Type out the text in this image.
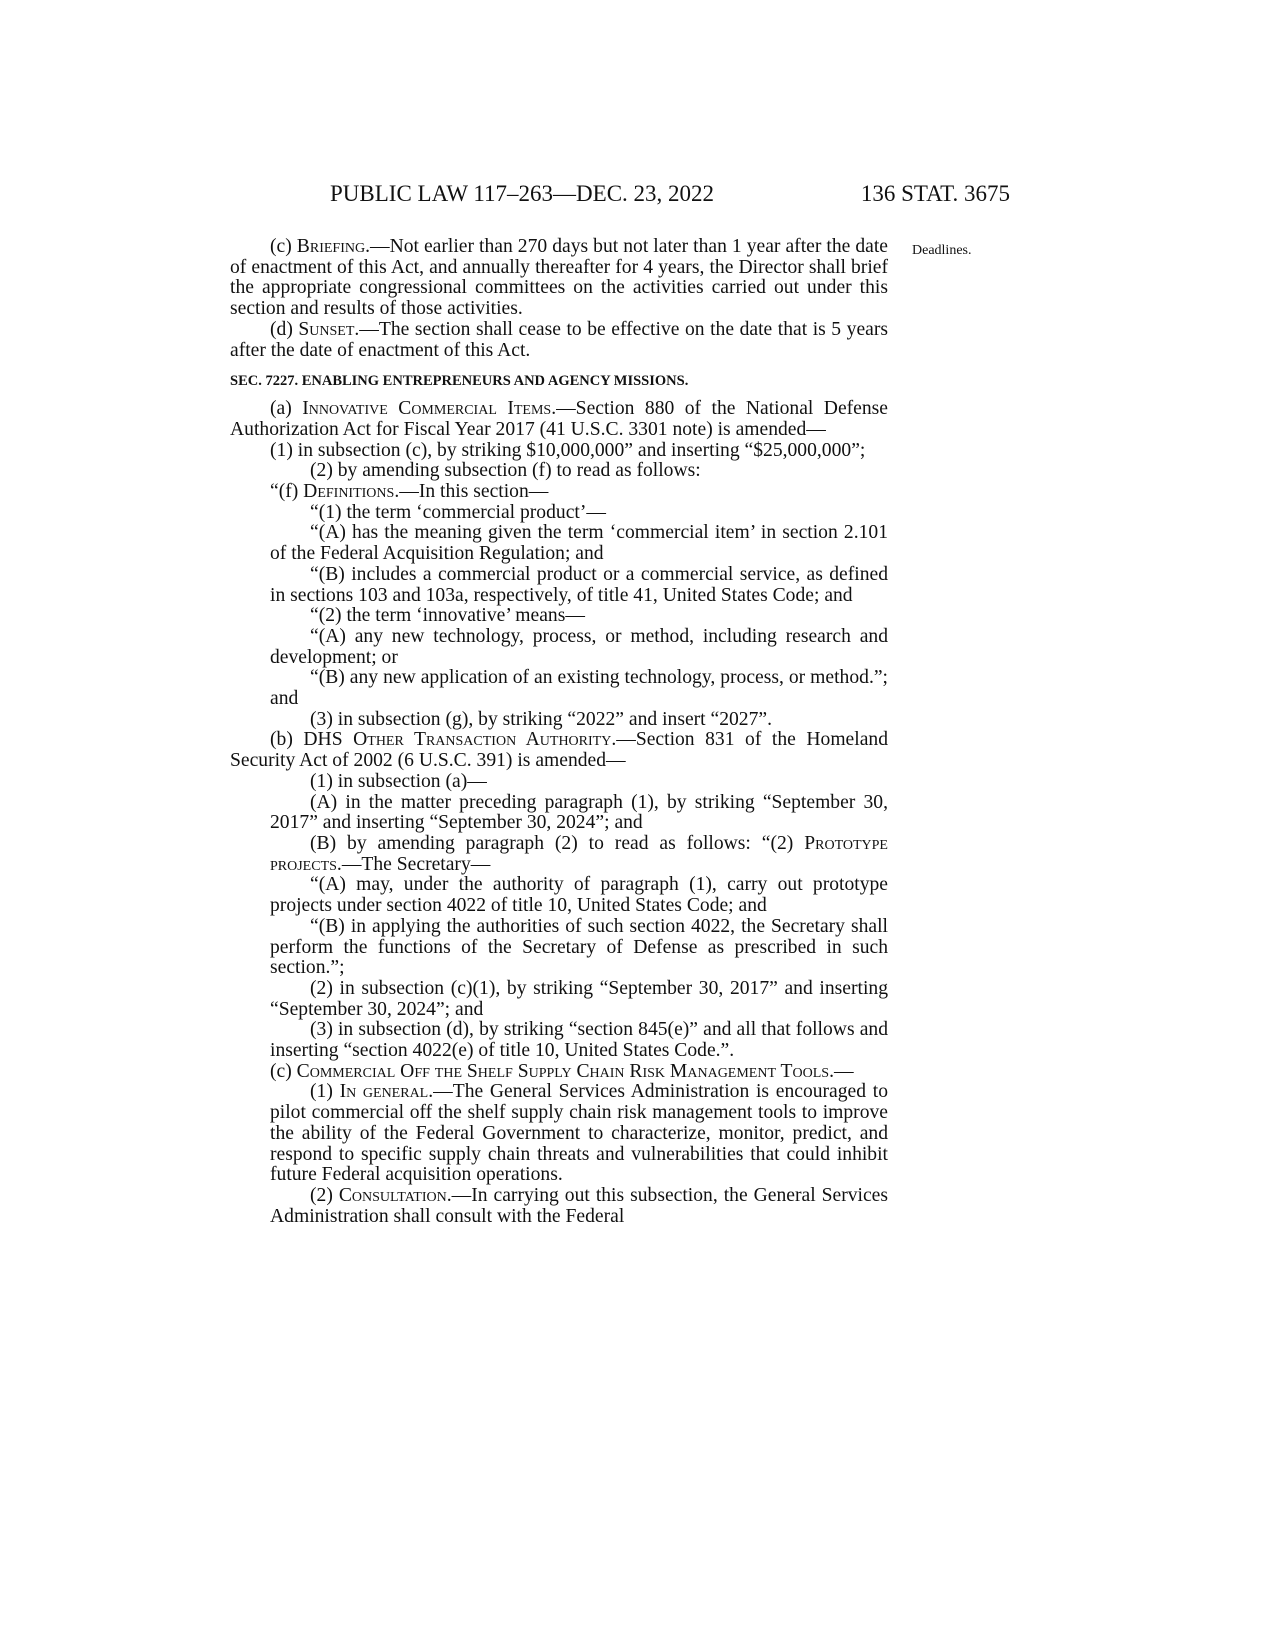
PUBLIC LAW 117–263—DEC. 23, 2022	136 STAT. 3675
Deadlines.

(c) Briefing.—Not earlier than 270 days but not later than 1 year after the date of enactment of this Act, and annually thereafter for 4 years, the Director shall brief the appropriate congressional committees on the activities carried out under this section and results of those activities.

(d) Sunset.—The section shall cease to be effective on the date that is 5 years after the date of enactment of this Act.

SEC. 7227. ENABLING ENTREPRENEURS AND AGENCY MISSIONS.

(a) Innovative Commercial Items.—Section 880 of the National Defense Authorization Act for Fiscal Year 2017 (41 U.S.C. 3301 note) is amended—

(1) in subsection (c), by striking $10,000,000” and inserting “$25,000,000”;

(2) by amending subsection (f) to read as follows:

“(f) Definitions.—In this section—

“(1) the term ‘commercial product’—

“(A) has the meaning given the term ‘commercial item’ in section 2.101 of the Federal Acquisition Regulation; and

“(B) includes a commercial product or a commercial service, as defined in sections 103 and 103a, respectively, of title 41, United States Code; and

“(2) the term ‘innovative’ means—

“(A) any new technology, process, or method, including research and development; or

“(B) any new application of an existing technology, process, or method.”; and

(3) in subsection (g), by striking “2022” and insert “2027”.

(b) DHS Other Transaction Authority.—Section 831 of the Homeland Security Act of 2002 (6 U.S.C. 391) is amended—

(1) in subsection (a)—

(A) in the matter preceding paragraph (1), by striking “September 30, 2017” and inserting “September 30, 2024”; and

(B) by amending paragraph (2) to read as follows: “(2) Prototype projects.—The Secretary—

“(A) may, under the authority of paragraph (1), carry out prototype projects under section 4022 of title 10, United States Code; and

“(B) in applying the authorities of such section 4022, the Secretary shall perform the functions of the Secretary of Defense as prescribed in such section.”;

(2) in subsection (c)(1), by striking “September 30, 2017” and inserting “September 30, 2024”; and

(3) in subsection (d), by striking “section 845(e)” and all that follows and inserting “section 4022(e) of title 10, United States Code.”.

(c) Commercial Off the Shelf Supply Chain Risk Management Tools.—

(1) In general.—The General Services Administration is encouraged to pilot commercial off the shelf supply chain risk management tools to improve the ability of the Federal Government to characterize, monitor, predict, and respond to specific supply chain threats and vulnerabilities that could inhibit future Federal acquisition operations.

(2) Consultation.—In carrying out this subsection, the General Services Administration shall consult with the Federal
